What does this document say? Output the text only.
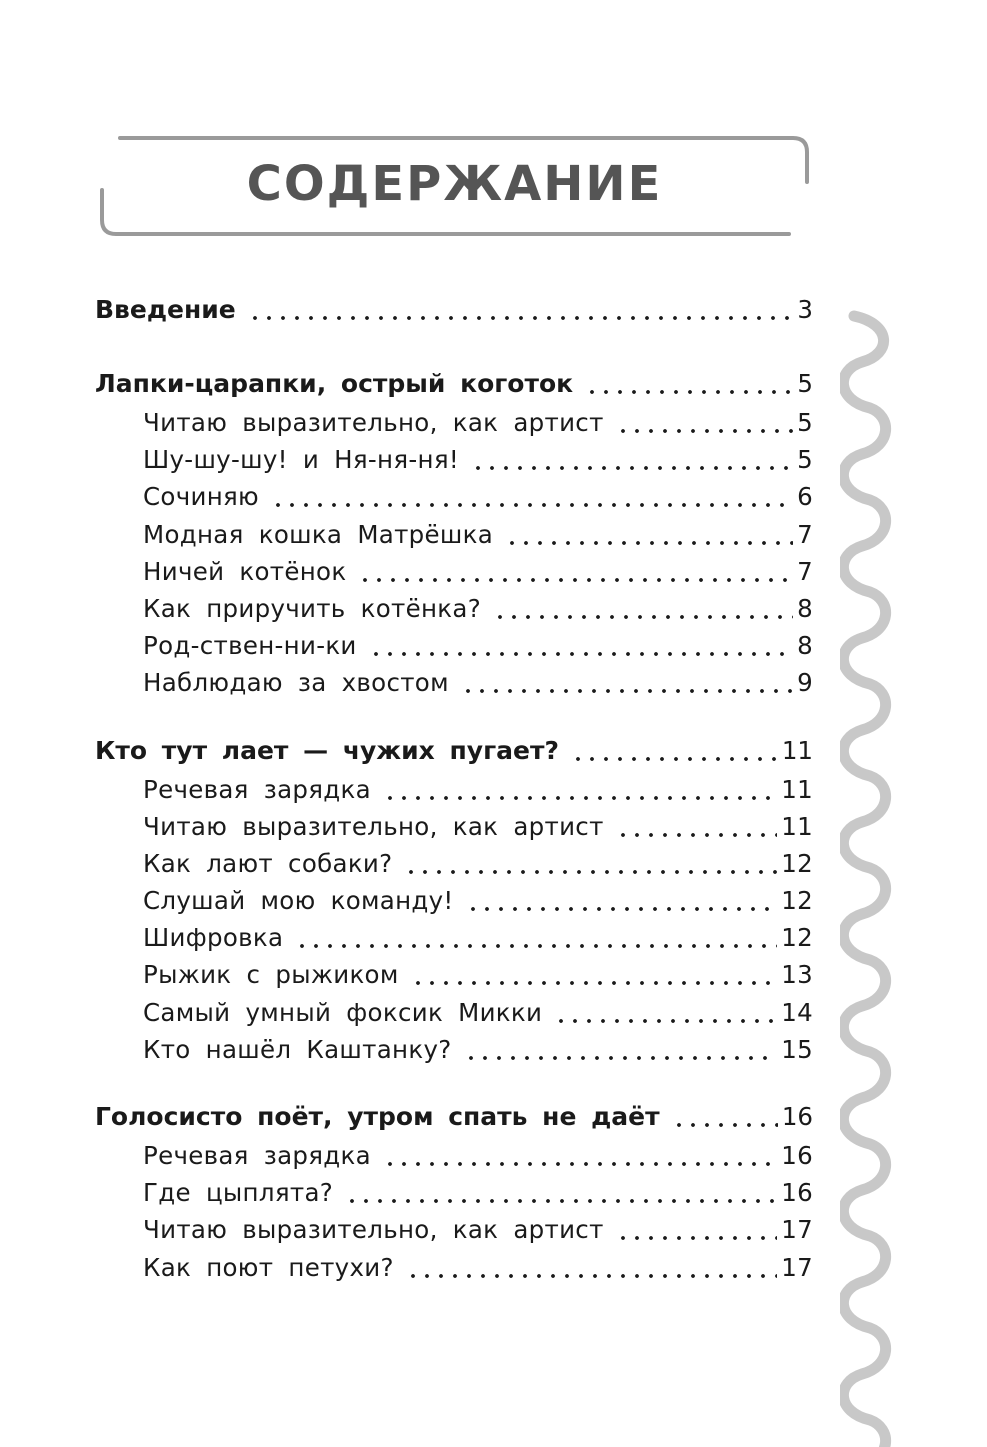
СОДЕРЖАНИЕ
Введение	3
Лапки-царапки, острый коготок	5
Читаю выразительно, как артист	5
Шу-шу-шу! и Ня-ня-ня!	5
Сочиняю	6
Модная кошка Матрёшка	7
Ничей котёнок	7
Как приручить котёнка?	8
Род-ствен-ни-ки	8
Наблюдаю за хвостом	9
Кто тут лает — чужих пугает?	11
Речевая зарядка	11
Читаю выразительно, как артист	11
Как лают собаки?	12
Слушай мою команду!	12
Шифровка	12
Рыжик с рыжиком	13
Самый умный фоксик Микки	14
Кто нашёл Каштанку?	15
Голосисто поёт, утром спать не даёт	16
Речевая зарядка	16
Где цыплята?	16
Читаю выразительно, как артист	17
Как поют петухи?	17
